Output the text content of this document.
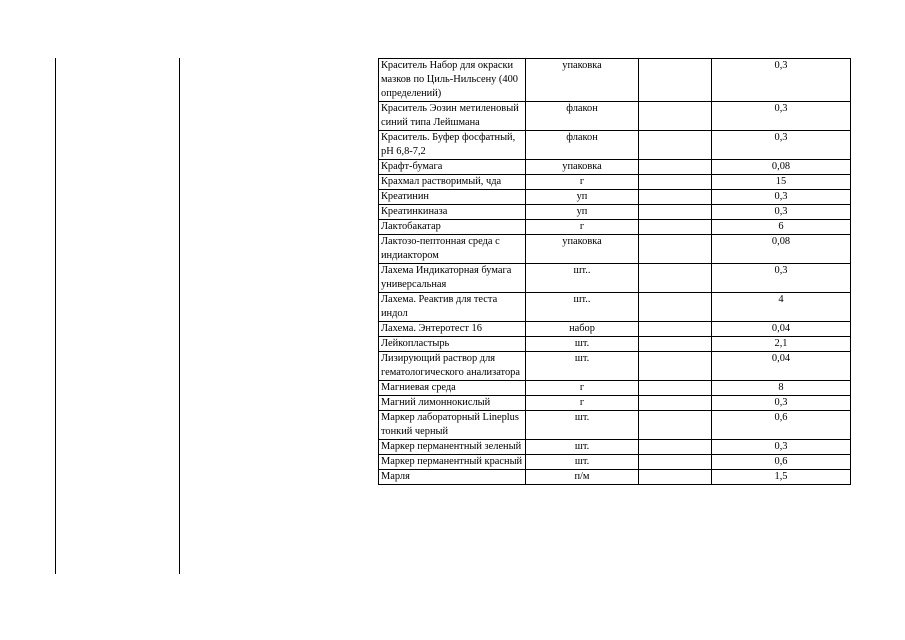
Краситель Набор для окраски мазков по Циль-Нильсену (400 определений)	упаковка		0,3
Краситель Эозин метиленовый синий типа Лейшмана	флакон		0,3
Краситель. Буфер фосфатный, pH 6,8-7,2	флакон		0,3
Крафт-бумага	упаковка		0,08
Крахмал растворимый, чда	г		15
Креатинин	уп		0,3
Креатинкиназа	уп		0,3
Лактобакатар	г		6
Лактозо-пептонная среда с индиактором	упаковка		0,08
Лахема Индикаторная бумага универсальная	шт..		0,3
Лахема. Реактив для теста индол	шт..		4
Лахема. Энтеротест 16	набор		0,04
Лейкопластырь	шт.		2,1
Лизирующий раствор для гематологического анализатора	шт.		0,04
Магниевая среда	г		8
Магний лимоннокислый	г		0,3
Маркер лабораторный Lineplus тонкий черный	шт.		0,6
Маркер перманентный зеленый	шт.		0,3
Маркер перманентный красный	шт.		0,6
Марля	п/м		1,5
